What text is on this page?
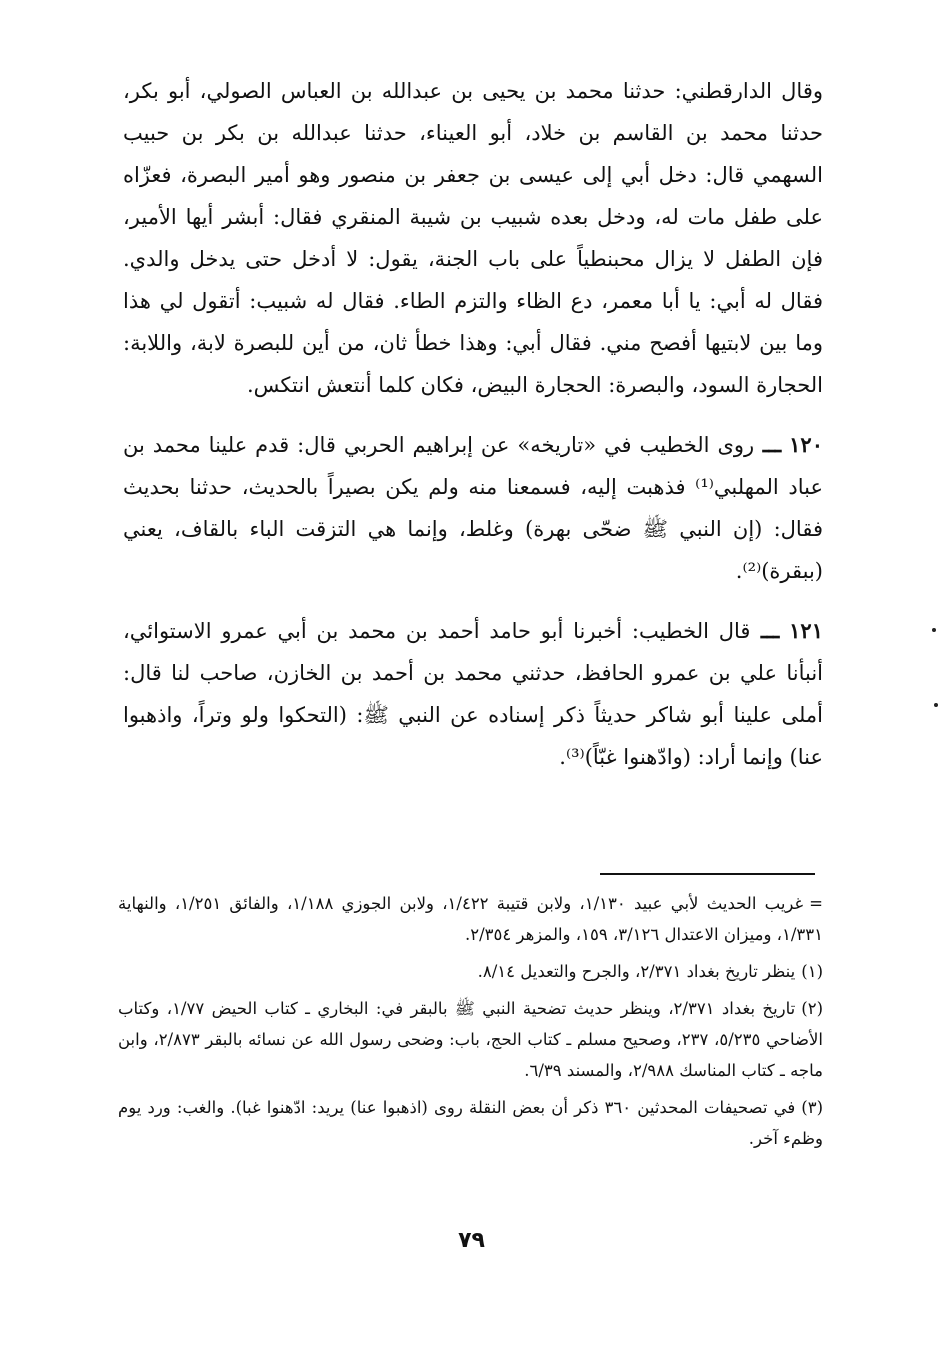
وقال الدارقطني: حدثنا محمد بن يحيى بن عبدالله بن العباس الصولي، أبو بكر، حدثنا محمد بن القاسم بن خلاد، أبو العيناء، حدثنا عبدالله بن بكر بن حبيب السهمي قال: دخل أبي إلى عيسى بن جعفر بن منصور وهو أمير البصرة، فعزّاه على طفل مات له، ودخل بعده شبيب بن شيبة المنقري فقال: أبشر أيها الأمير، فإن الطفل لا يزال محبنطياً على باب الجنة، يقول: لا أدخل حتى يدخل والدي. فقال له أبي: يا أبا معمر، دع الظاء والتزم الطاء. فقال له شبيب: أتقول لي هذا وما بين لابتيها أفصح مني. فقال أبي: وهذا خطأ ثان، من أين للبصرة لابة، واللابة: الحجارة السود، والبصرة: الحجارة البيض، فكان كلما أنتعش انتكس.

١٢٠ ـــ روى الخطيب في «تاريخه» عن إبراهيم الحربي قال: قدم علينا محمد بن عباد المهلبي⁽¹⁾ فذهبت إليه، فسمعنا منه ولم يكن بصيراً بالحديث، حدثنا بحديث فقال: (إن النبي ﷺ ضحّى بهرة) وغلط، وإنما هي التزقت الباء بالقاف، يعني (ببقرة)⁽²⁾.

١٢١ ـــ قال الخطيب: أخبرنا أبو حامد أحمد بن محمد بن أبي عمرو الاستوائي، أنبأنا علي بن عمرو الحافظ، حدثني محمد بن أحمد بن الخازن، صاحب لنا قال: أملى علينا أبو شاكر حديثاً ذكر إسناده عن النبي ﷺ: (التحكوا ولو وتراً، واذهبوا عنا) وإنما أراد: (وادّهنوا غبّاً)⁽³⁾.

=غريب الحديث لأبي عبيد ١/١٣٠، ولابن قتيبة ١/٤٢٢، ولابن الجوزي ١/١٨٨، والفائق ١/٢٥١، والنهاية ١/٣٣١، وميزان الاعتدال ٣/١٢٦، ١٥٩، والمزهر ٢/٣٥٤.

(١)ينظر تاريخ بغداد ٢/٣٧١، والجرح والتعديل ٨/١٤.

(٢)تاريخ بغداد ٢/٣٧١، وينظر حديث تضحية النبي ﷺ بالبقر في: البخاري ـ كتاب الحيض ١/٧٧، وكتاب الأضاحي ٥/٢٣٥، ٢٣٧، وصحيح مسلم ـ كتاب الحج، باب: وضحى رسول الله عن نسائه بالبقر ٢/٨٧٣، وابن ماجه ـ كتاب المناسك ٢/٩٨٨، والمسند ٦/٣٩.

(٣)في تصحيفات المحدثين ٣٦٠ ذكر أن بعض النقلة روى (اذهبوا عنا) يريد: ادّهنوا غبا). والغب: ورد يوم وظمء آخر.

٧٩
